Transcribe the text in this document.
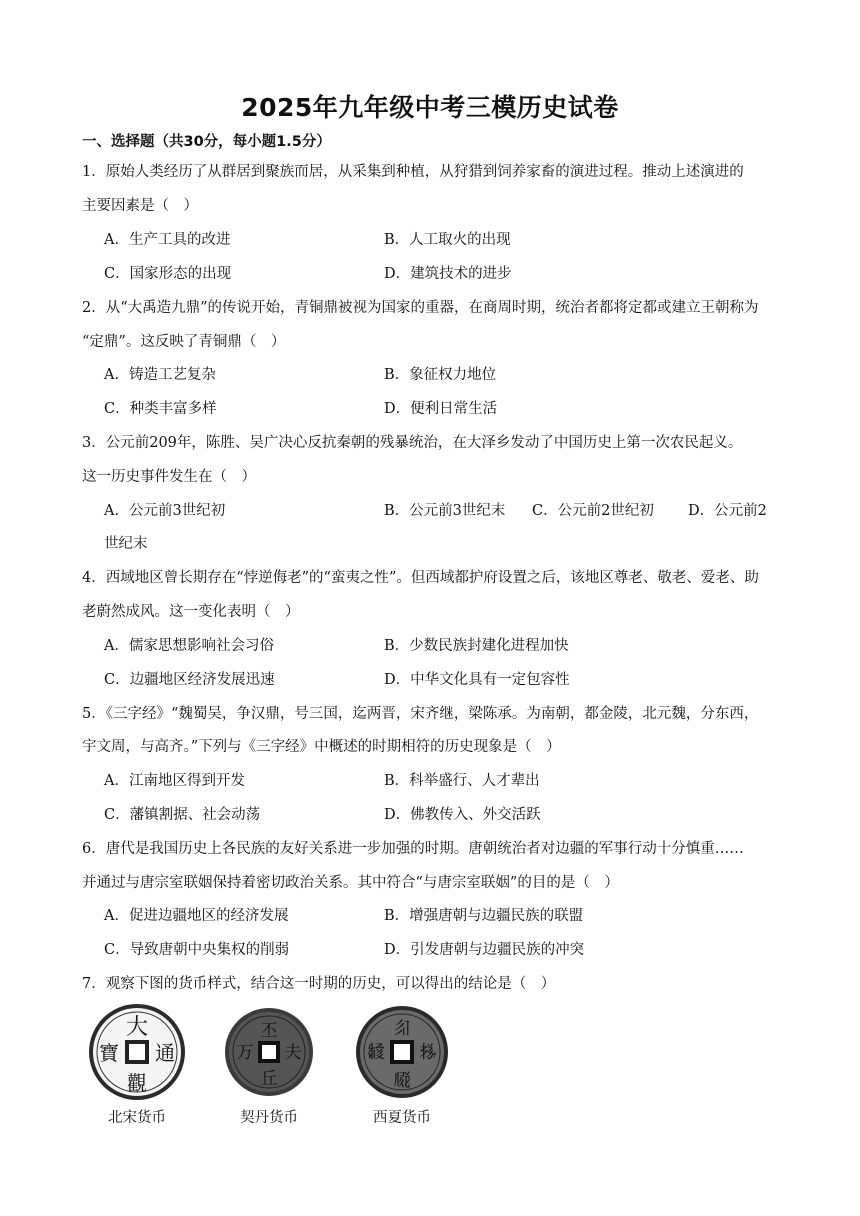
2025年九年级中考三模历史试卷
一、选择题（共30分，每小题1.5分）
1．原始人类经历了从群居到聚族而居，从采集到种植，从狩猎到饲养家畜的演进过程。推动上述演进的
主要因素是（　）
A．生产工具的改进	B．人工取火的出现
C．国家形态的出现	D．建筑技术的进步
2．从“大禹造九鼎”的传说开始，青铜鼎被视为国家的重器，在商周时期，统治者都将定都或建立王朝称为
“定鼎”。这反映了青铜鼎（　）
A．铸造工艺复杂	B．象征权力地位
C．种类丰富多样	D．便利日常生活
3．公元前209年，陈胜、吴广决心反抗秦朝的残暴统治，在大泽乡发动了中国历史上第一次农民起义。
这一历史事件发生在（　）
A．公元前3世纪初	B．公元前3世纪末 C．公元前2世纪初 D．公元前2
世纪末
4．西域地区曾长期存在“悖逆侮老”的“蛮夷之性”。但西域都护府设置之后，该地区尊老、敬老、爱老、助
老蔚然成风。这一变化表明（　）
A．儒家思想影响社会习俗	B．少数民族封建化进程加快
C．边疆地区经济发展迅速	D．中华文化具有一定包容性
5．《三字经》“魏蜀吴，争汉鼎，号三国，迄两晋，宋齐继，梁陈承。为南朝，都金陵，北元魏，分东西，
宇文周，与高齐。”下列与《三字经》中概述的时期相符的历史现象是（　）
A．江南地区得到开发	B．科举盛行、人才辈出
C．藩镇割据、社会动荡	D．佛教传入、外交活跃
6．唐代是我国历史上各民族的友好关系进一步加强的时期。唐朝统治者对边疆的军事行动十分慎重……
并通过与唐宗室联姻保持着密切政治关系。其中符合“与唐宗室联姻”的目的是（　）
A．促进边疆地区的经济发展	B．增强唐朝与边疆民族的联盟
C．导致唐朝中央集权的削弱	D．引发唐朝与边疆民族的冲突
7．观察下图的货币样式，结合这一时期的历史，可以得出的结论是（　）
大
通
觀
寶
丕
夫
丘
万
𗼃
𗈪
𗆧
𗴢
北宋货币	契丹货币	西夏货币
